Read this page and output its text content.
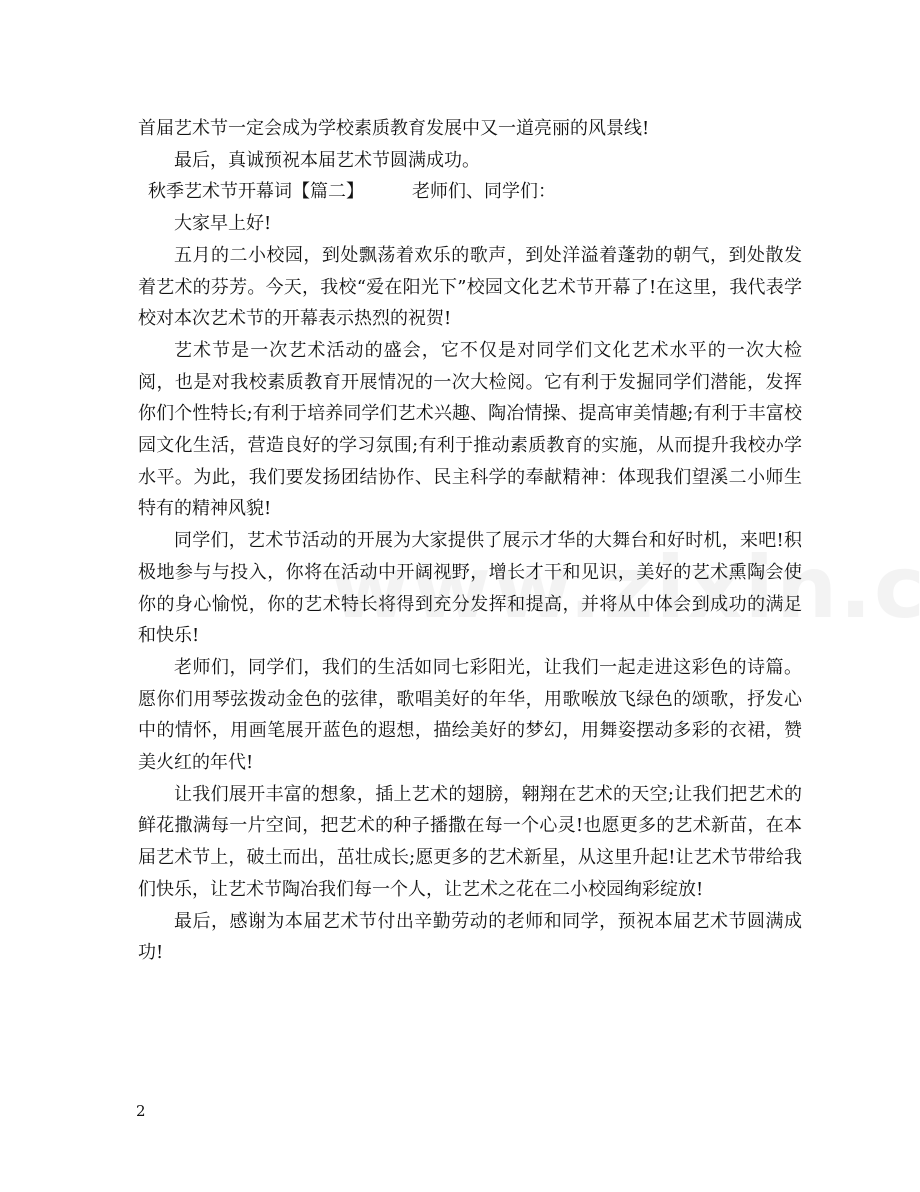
首届艺术节一定会成为学校素质教育发展中又一道亮丽的风景线!

最后，真诚预祝本届艺术节圆满成功。

秋季艺术节开幕词【篇二】	老师们、同学们：

大家早上好!

五月的二小校园，到处飘荡着欢乐的歌声，到处洋溢着蓬勃的朝气，到处散发着艺术的芬芳。今天，我校“爱在阳光下”校园文化艺术节开幕了!在这里，我代表学校对本次艺术节的开幕表示热烈的祝贺!

艺术节是一次艺术活动的盛会，它不仅是对同学们文化艺术水平的一次大检阅，也是对我校素质教育开展情况的一次大检阅。它有利于发掘同学们潜能，发挥你们个性特长;有利于培养同学们艺术兴趣、陶冶情操、提高审美情趣;有利于丰富校园文化生活，营造良好的学习氛围;有利于推动素质教育的实施，从而提升我校办学水平。为此，我们要发扬团结协作、民主科学的奉献精神：体现我们望溪二小师生特有的精神风貌!

同学们，艺术节活动的开展为大家提供了展示才华的大舞台和好时机，来吧!积极地参与与投入，你将在活动中开阔视野，增长才干和见识，美好的艺术熏陶会使你的身心愉悦，你的艺术特长将得到充分发挥和提高，并将从中体会到成功的满足和快乐!

老师们，同学们，我们的生活如同七彩阳光，让我们一起走进这彩色的诗篇。愿你们用琴弦拨动金色的弦律，歌唱美好的年华，用歌喉放飞绿色的颂歌，抒发心中的情怀，用画笔展开蓝色的遐想，描绘美好的梦幻，用舞姿摆动多彩的衣裙，赞美火红的年代!

让我们展开丰富的想象，插上艺术的翅膀，翱翔在艺术的天空;让我们把艺术的鲜花撒满每一片空间，把艺术的种子播撒在每一个心灵!也愿更多的艺术新苗，在本届艺术节上，破土而出，茁壮成长;愿更多的艺术新星，从这里升起!让艺术节带给我们快乐，让艺术节陶冶我们每一个人，让艺术之花在二小校园绚彩绽放!

最后，感谢为本届艺术节付出辛勤劳动的老师和同学，预祝本届艺术节圆满成功!

2
